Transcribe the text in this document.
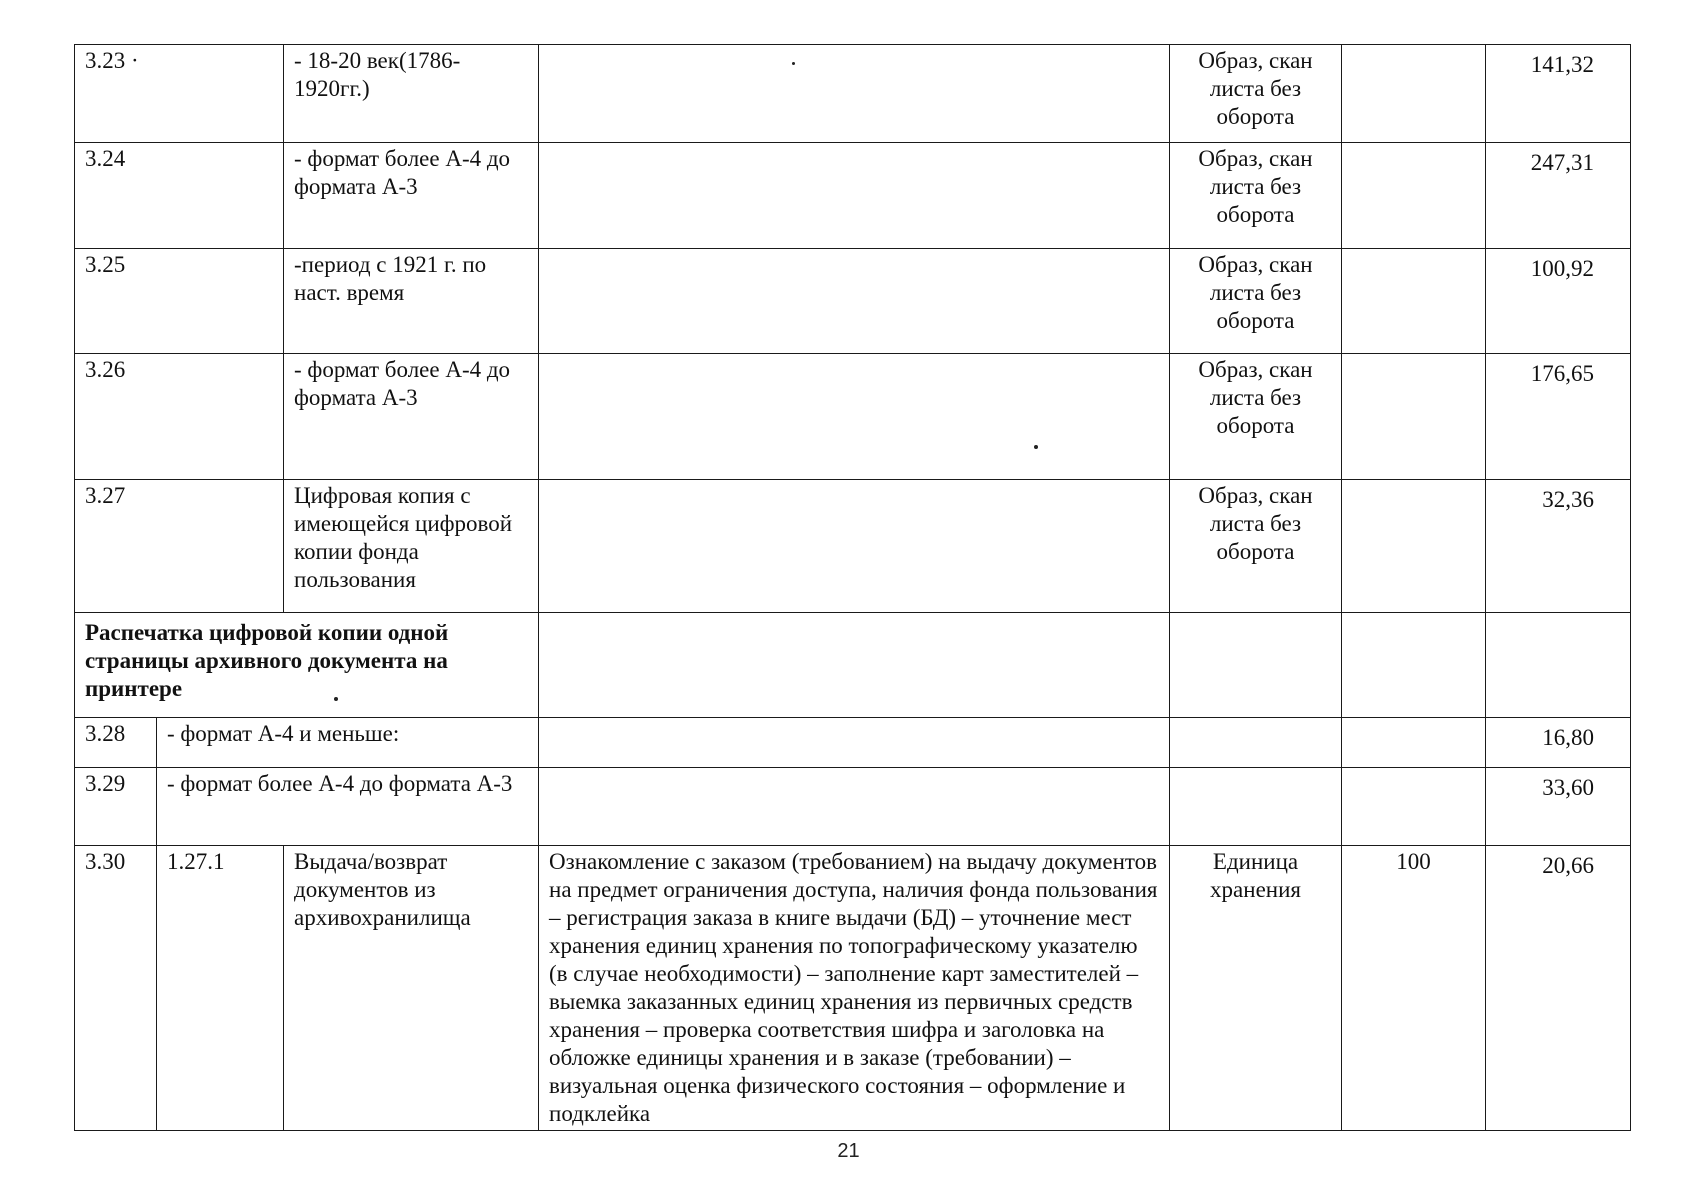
3.23 ·		- 18-20 век(1786- 1920гг.)		Образ, скан листа без оборота		141,32
3.24		- формат более А-4 до формата А-3		Образ, скан листа без оборота		247,31
3.25		-период с 1921 г. по наст. время		Образ, скан листа без оборота		100,92
3.26		- формат более А-4 до формата А-3		Образ, скан листа без оборота		176,65
3.27		Цифровая копия с имеющейся цифровой копии фонда пользования		Образ, скан листа без оборота		32,36
Распечатка цифровой копии одной страницы архивного документа на принтере						
3.28	- формат А-4 и меньше:					16,80
3.29	- формат более А-4 до формата А-3					33,60
3.30	1.27.1	Выдача/возврат документов из архивохранилища	Ознакомление с заказом (требованием) на выдачу документов на предмет ограничения доступа, наличия фонда пользования – регистрация заказа в книге выдачи (БД) – уточнение мест хранения единиц хранения по топографическому указателю (в случае необходимости) – заполнение карт заместителей – выемка заказанных единиц хранения из первичных средств хранения – проверка соответствия шифра и заголовка на обложке единицы хранения и в заказе (требовании) – визуальная оценка физического состояния – оформление и подклейка	Единица хранения	100	20,66
21
